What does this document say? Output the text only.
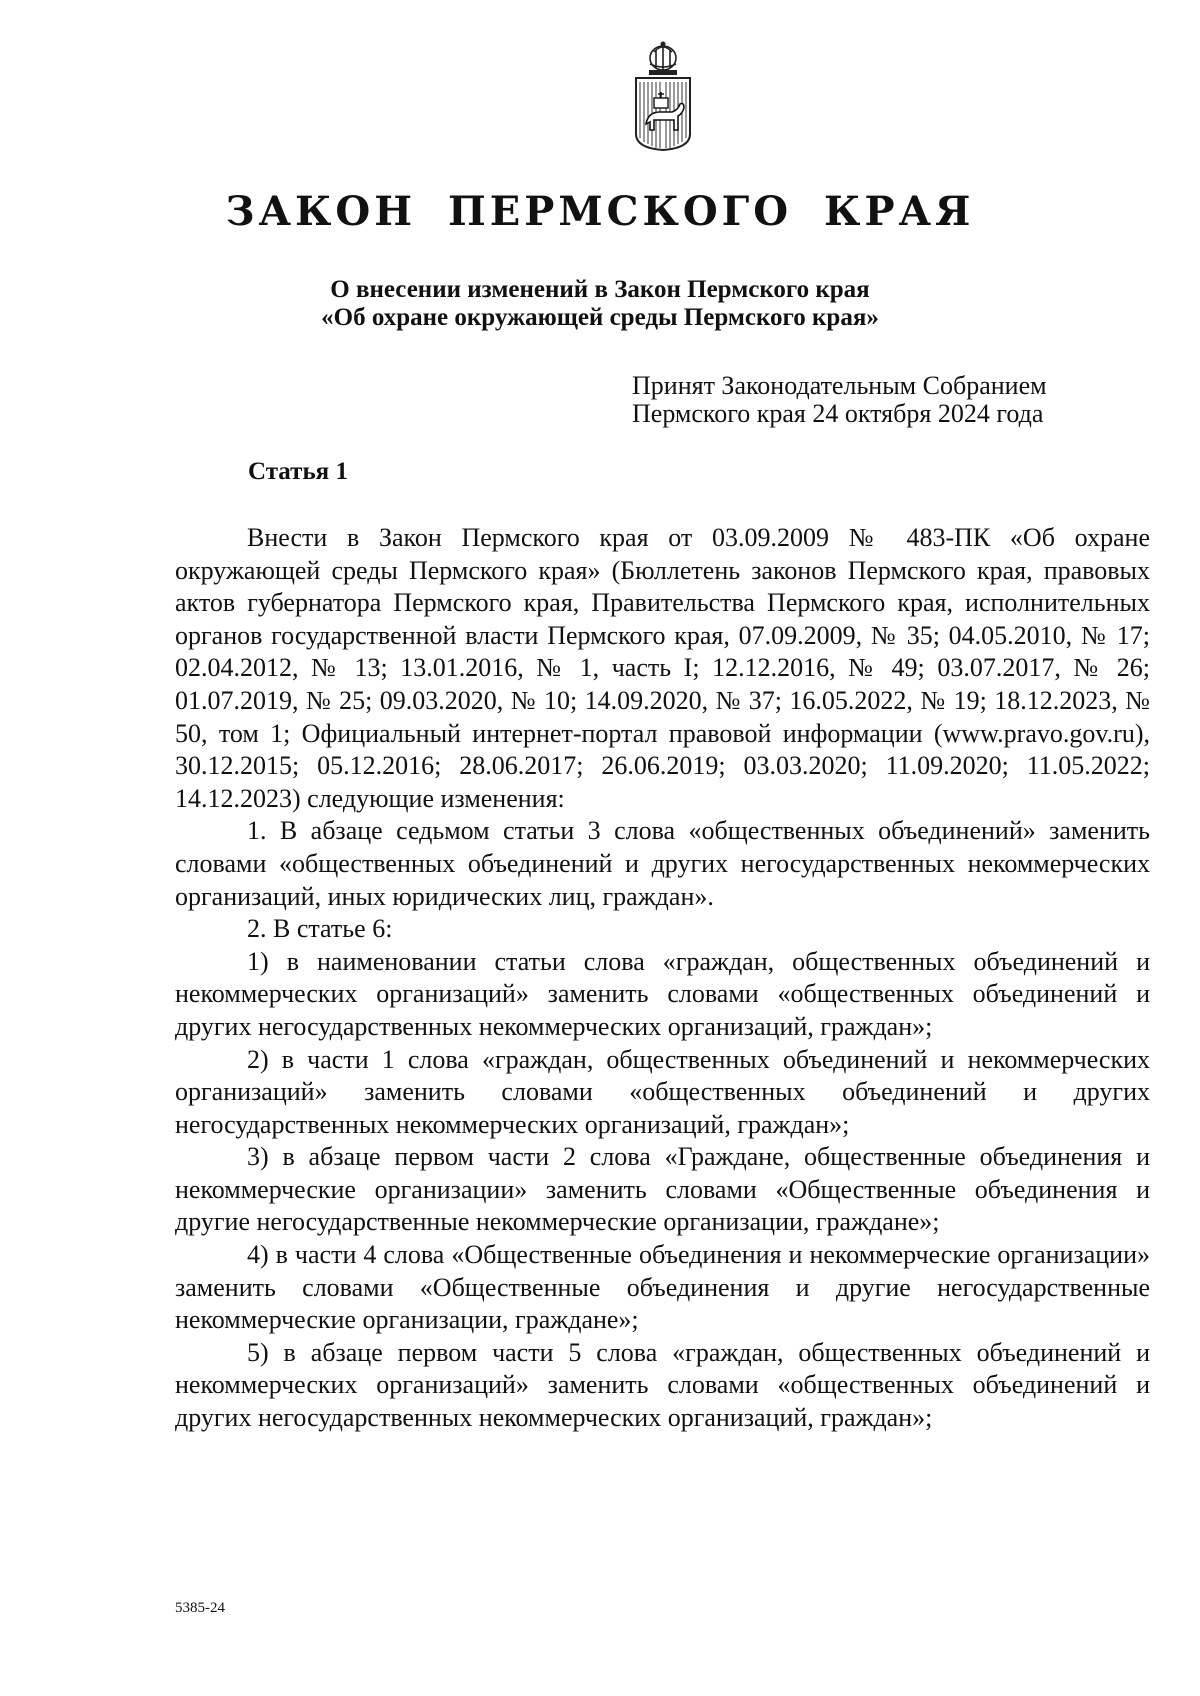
ЗАКОН ПЕРМСКОГО КРАЯ
О внесении изменений в Закон Пермского края
«Об охране окружающей среды Пермского края»
Принят Законодательным Собранием
Пермского края 24 октября 2024 года
Статья 1

Внести в Закон Пермского края от 03.09.2009 № 483-ПК «Об охране окружающей среды Пермского края» (Бюллетень законов Пермского края, правовых актов губернатора Пермского края, Правительства Пермского края, исполнительных органов государственной власти Пермского края, 07.09.2009, № 35; 04.05.2010, № 17; 02.04.2012, № 13; 13.01.2016, № 1, часть I; 12.12.2016, № 49; 03.07.2017, № 26; 01.07.2019, № 25; 09.03.2020, № 10; 14.09.2020, № 37; 16.05.2022, № 19; 18.12.2023, № 50, том 1; Официальный интернет-портал правовой информации (www.pravo.gov.ru), 30.12.2015; 05.12.2016; 28.06.2017; 26.06.2019; 03.03.2020; 11.09.2020; 11.05.2022; 14.12.2023) следующие изменения:

1. В абзаце седьмом статьи 3 слова «общественных объединений» заменить словами «общественных объединений и других негосударственных некоммерческих организаций, иных юридических лиц, граждан».

2. В статье 6:

1) в наименовании статьи слова «граждан, общественных объединений и некоммерческих организаций» заменить словами «общественных объединений и других негосударственных некоммерческих организаций, граждан»;

2) в части 1 слова «граждан, общественных объединений и некоммерческих организаций» заменить словами «общественных объединений и других негосударственных некоммерческих организаций, граждан»;

3) в абзаце первом части 2 слова «Граждане, общественные объединения и некоммерческие организации» заменить словами «Общественные объединения и другие негосударственные некоммерческие организации, граждане»;

4) в части 4 слова «Общественные объединения и некоммерческие организации» заменить словами «Общественные объединения и другие негосударственные некоммерческие организации, граждане»;

5) в абзаце первом части 5 слова «граждан, общественных объединений и некоммерческих организаций» заменить словами «общественных объединений и других негосударственных некоммерческих организаций, граждан»;

5385-24
